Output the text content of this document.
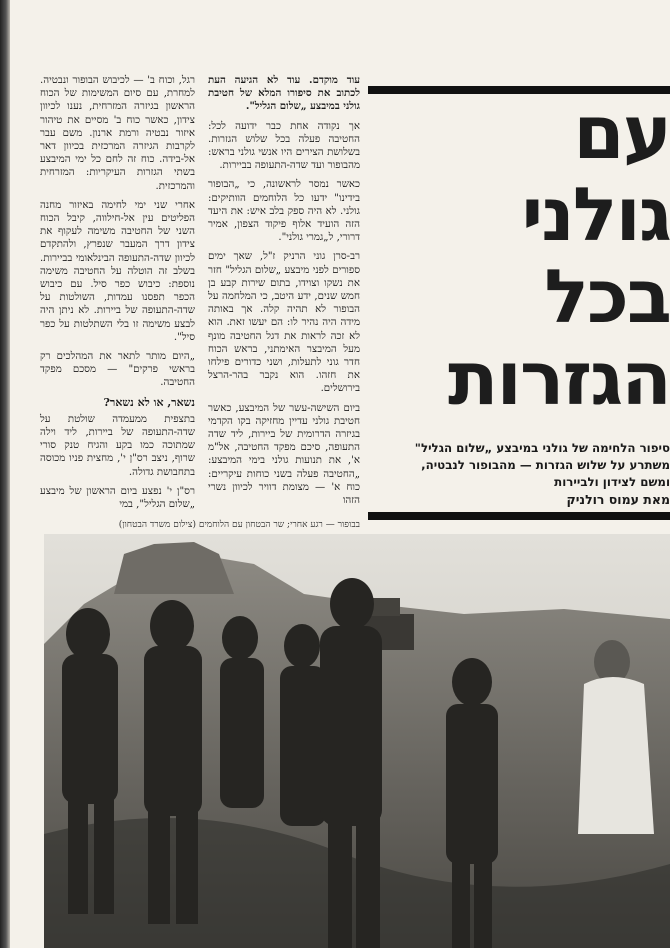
עם
גולני
בכל
הגזרות
סיפור הלחימה של גולני במיבצע „שלום הגליל"
משתרע על שלוש הגזרות — מהבופור לנבטיה,
ומשם לצידון ולביירות
מאת עמוס רולניק

עוד מוקדם. עוד לא הגיעה העת לכתוב את סיפורו המלא של חטיבת גולני במיבצע „שלום הגליל".

אך נקודה אחת כבר ידועה לכל: החטיבה פעלה בכל שלוש הגזרות. בשלושת הצירים היו אנשי גולני בראש: מהבופור ועד שדה-התעופה בביירות.

כאשר נמסר לראשונה, כי „הבופור בידינו" ידעו כל הלוחמים הוותיקים: גולני. לא היה ספק בלב איש: את היעד הזה הועיד אלוף פיקוד הצפון, אמיר דרורי, ל„גמרי גולני".

רב-סרן גוני הרניק ז"ל, שאך ימים ספורים לפני מיבצע „שלום הגליל" חזר את נשקו וצוידו, בתום שירות קבע בן חמש שנים, ידע היטב, כי המלחמה על הבופור לא תהיה קלה. אך באותה מידה היה נהיר לו: הם יעשו זאת. הוא לא זכה לראות את דגל החטיבה מונף מעל המיבצר האימתני, בראש הכוח חדר גוני לתעלות, ושני כדורים פילחו את חזהו. הוא נקבר בהר-הרצל בירושלים.

ביום השישה-עשר של המיבצע, כאשר חטיבת גולני עדיין מחזיקה בקו הקדמי בגיזרה הדרומית של ביירות, ליד שדה התעופה, סיכם מפקד החטיבה, אל"מ א', את תנועות גולני בימי המיבצע: „החטיבה פעלה בשני כוחות עיקריים: כוח א' — מצומת דוויר לכיוון נשרי הזהו

רגל, וכוח ב' — לכיבוש הבופור ונבטיה. למחרת, עם סיום המשימות של הכוח הראשון בגיזרה המזרחית, נענו לכיוון צידון, כאשר כוח ב' מסיים את טיהור איזור נבטיה ורמת ארנון. משם עבר לקרבות הגיזרה המרכזית בכיוון דאר אל-בידה. כוח זה לחם כל ימי המיבצע בשתי הגזרות העיקריות: המזרחית והמרכזית.

אחרי שני ימי לחימה באיזור מחנה הפליטים עין אל-חילווה, קיבל הכוח השני של החטיבה משימה לעקוף את צידון דרך המעבר שנפרץ, ולהתקדם לכיוון שדה-התעופה הבינלאומי בביירות. בשלב זה הוטלה על החטיבה משימה נוספת: כיבוש כפר סיל. עם כיבוש הכפר תפסנו עמדות, השולטות על שדה-התעופה של ביירות. לא ניתן היה לבצע משימה זו בלי השתלטות על כפר סיל".

„היום מותר לתאר את המהלכים רק בראשי פרקים" — מסכם מפקד החטיבה.

נשאר, או לא נשאר?

בתצפית ממעמדה שולטת על שדה-התעופה של ביירות, ליד וילה שמתוכה כמו בקע והגיח טנק סורי שרוף, ניצב רס"ן י', מחצית פניו מכוסה בתחבושת גדולה.

רס"ן י' נפצע ביום הראשון של מיבצע „שלום הגליל", במי

בבופור — רגע אחרי; שר הבטחון עם הלוחמים (צילום משרד הבטחון)
